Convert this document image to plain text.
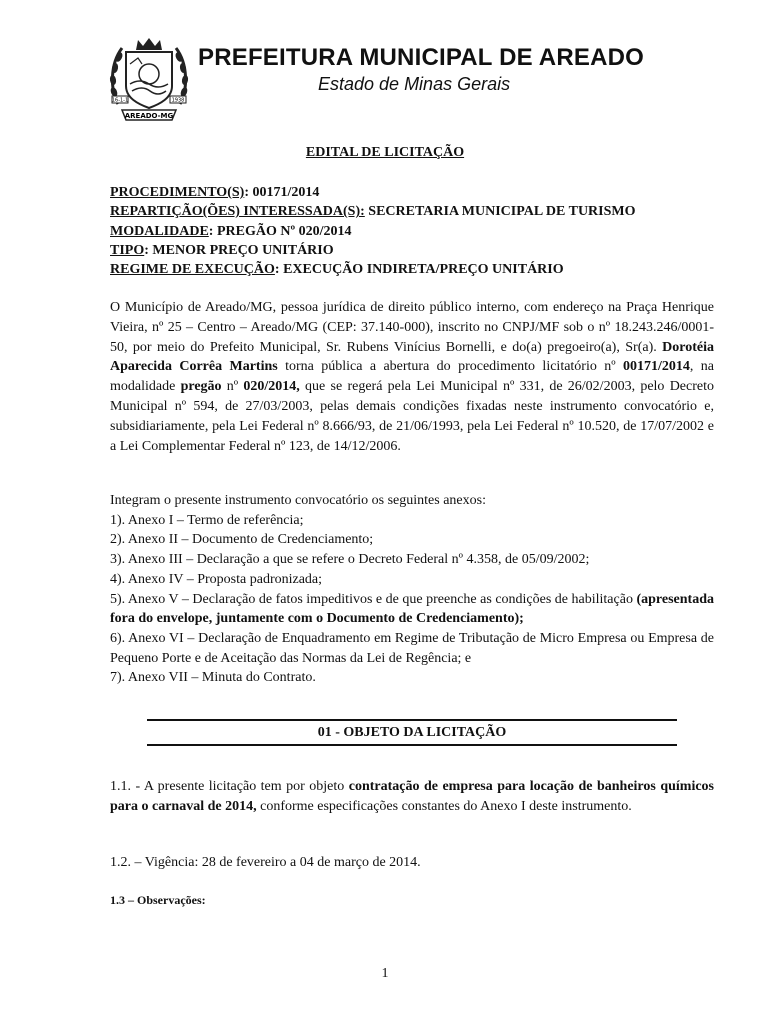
16-1-1	1938
AREADO-MG
PREFEITURA MUNICIPAL DE AREADO
Estado de Minas Gerais
EDITAL DE LICITAÇÃO
PROCEDIMENTO(S): 00171/2014
REPARTIÇÃO(ÕES) INTERESSADA(S): SECRETARIA MUNICIPAL DE TURISMO
MODALIDADE: PREGÃO Nº 020/2014
TIPO: MENOR PREÇO UNITÁRIO
REGIME DE EXECUÇÃO: EXECUÇÃO INDIRETA/PREÇO UNITÁRIO
O Município de Areado/MG, pessoa jurídica de direito público interno, com endereço na Praça Henrique Vieira, nº 25 – Centro – Areado/MG (CEP: 37.140-000), inscrito no CNPJ/MF sob o nº 18.243.246/0001-50, por meio do Prefeito Municipal, Sr. Rubens Vinícius Bornelli, e do(a) pregoeiro(a), Sr(a). Dorotéia Aparecida Corrêa Martins torna pública a abertura do procedimento licitatório nº 00171/2014, na modalidade pregão nº 020/2014, que se regerá pela Lei Municipal nº 331, de 26/02/2003, pelo Decreto Municipal nº 594, de 27/03/2003, pelas demais condições fixadas neste instrumento convocatório e, subsidiariamente, pela Lei Federal nº 8.666/93, de 21/06/1993, pela Lei Federal nº 10.520, de 17/07/2002 e a Lei Complementar Federal nº 123, de 14/12/2006.
Integram o presente instrumento convocatório os seguintes anexos:
1). Anexo I – Termo de referência;
2). Anexo II – Documento de Credenciamento;
3). Anexo III – Declaração a que se refere o Decreto Federal nº 4.358, de 05/09/2002;
4). Anexo IV – Proposta padronizada;
5). Anexo V – Declaração de fatos impeditivos e de que preenche as condições de habilitação (apresentada fora do envelope, juntamente com o Documento de Credenciamento);
6). Anexo VI – Declaração de Enquadramento em Regime de Tributação de Micro Empresa ou Empresa de Pequeno Porte e de Aceitação das Normas da Lei de Regência; e
7). Anexo VII – Minuta do Contrato.
01 - OBJETO DA LICITAÇÃO
1.1. - A presente licitação tem por objeto contratação de empresa para locação de banheiros químicos para o carnaval de 2014, conforme especificações constantes do Anexo I deste instrumento.
1.2. – Vigência: 28 de fevereiro a 04 de março de 2014.
1.3 – Observações:
1
